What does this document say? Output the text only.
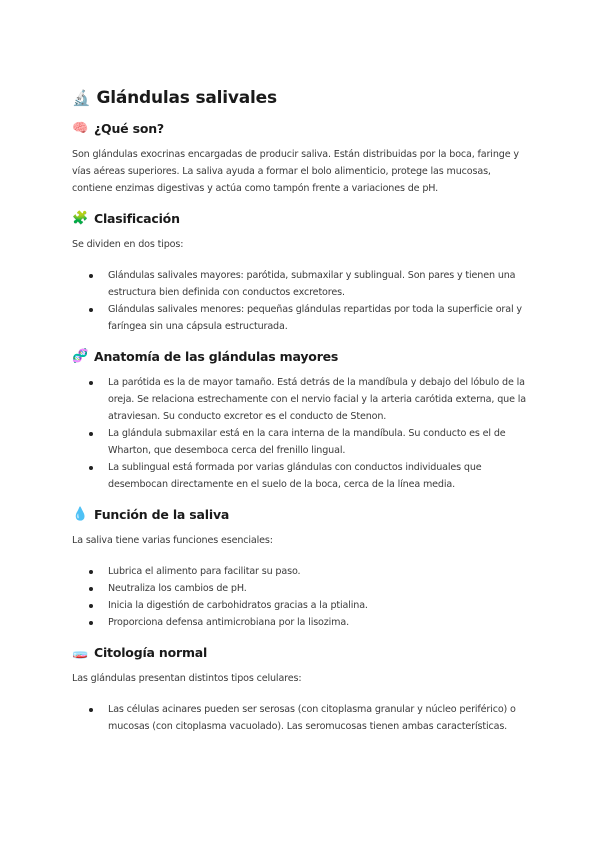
🔬 Glándulas salivales
🧠 ¿Qué son?

Son glándulas exocrinas encargadas de producir saliva. Están distribuidas por la boca, faringe y vías aéreas superiores. La saliva ayuda a formar el bolo alimenticio, protege las mucosas, contiene enzimas digestivas y actúa como tampón frente a variaciones de pH.

🧩 Clasificación

Se dividen en dos tipos:

Glándulas salivales mayores: parótida, submaxilar y sublingual. Son pares y tienen una estructura bien definida con conductos excretores.
Glándulas salivales menores: pequeñas glándulas repartidas por toda la superficie oral y faríngea sin una cápsula estructurada.
🧬 Anatomía de las glándulas mayores
La parótida es la de mayor tamaño. Está detrás de la mandíbula y debajo del lóbulo de la oreja. Se relaciona estrechamente con el nervio facial y la arteria carótida externa, que la atraviesan. Su conducto excretor es el conducto de Stenon.
La glándula submaxilar está en la cara interna de la mandíbula. Su conducto es el de Wharton, que desemboca cerca del frenillo lingual.
La sublingual está formada por varias glándulas con conductos individuales que desembocan directamente en el suelo de la boca, cerca de la línea media.
💧 Función de la saliva

La saliva tiene varias funciones esenciales:

Lubrica el alimento para facilitar su paso.
Neutraliza los cambios de pH.
Inicia la digestión de carbohidratos gracias a la ptialina.
Proporciona defensa antimicrobiana por la lisozima.
🧫 Citología normal

Las glándulas presentan distintos tipos celulares:

Las células acinares pueden ser serosas (con citoplasma granular y núcleo periférico) o mucosas (con citoplasma vacuolado). Las seromucosas tienen ambas características.
